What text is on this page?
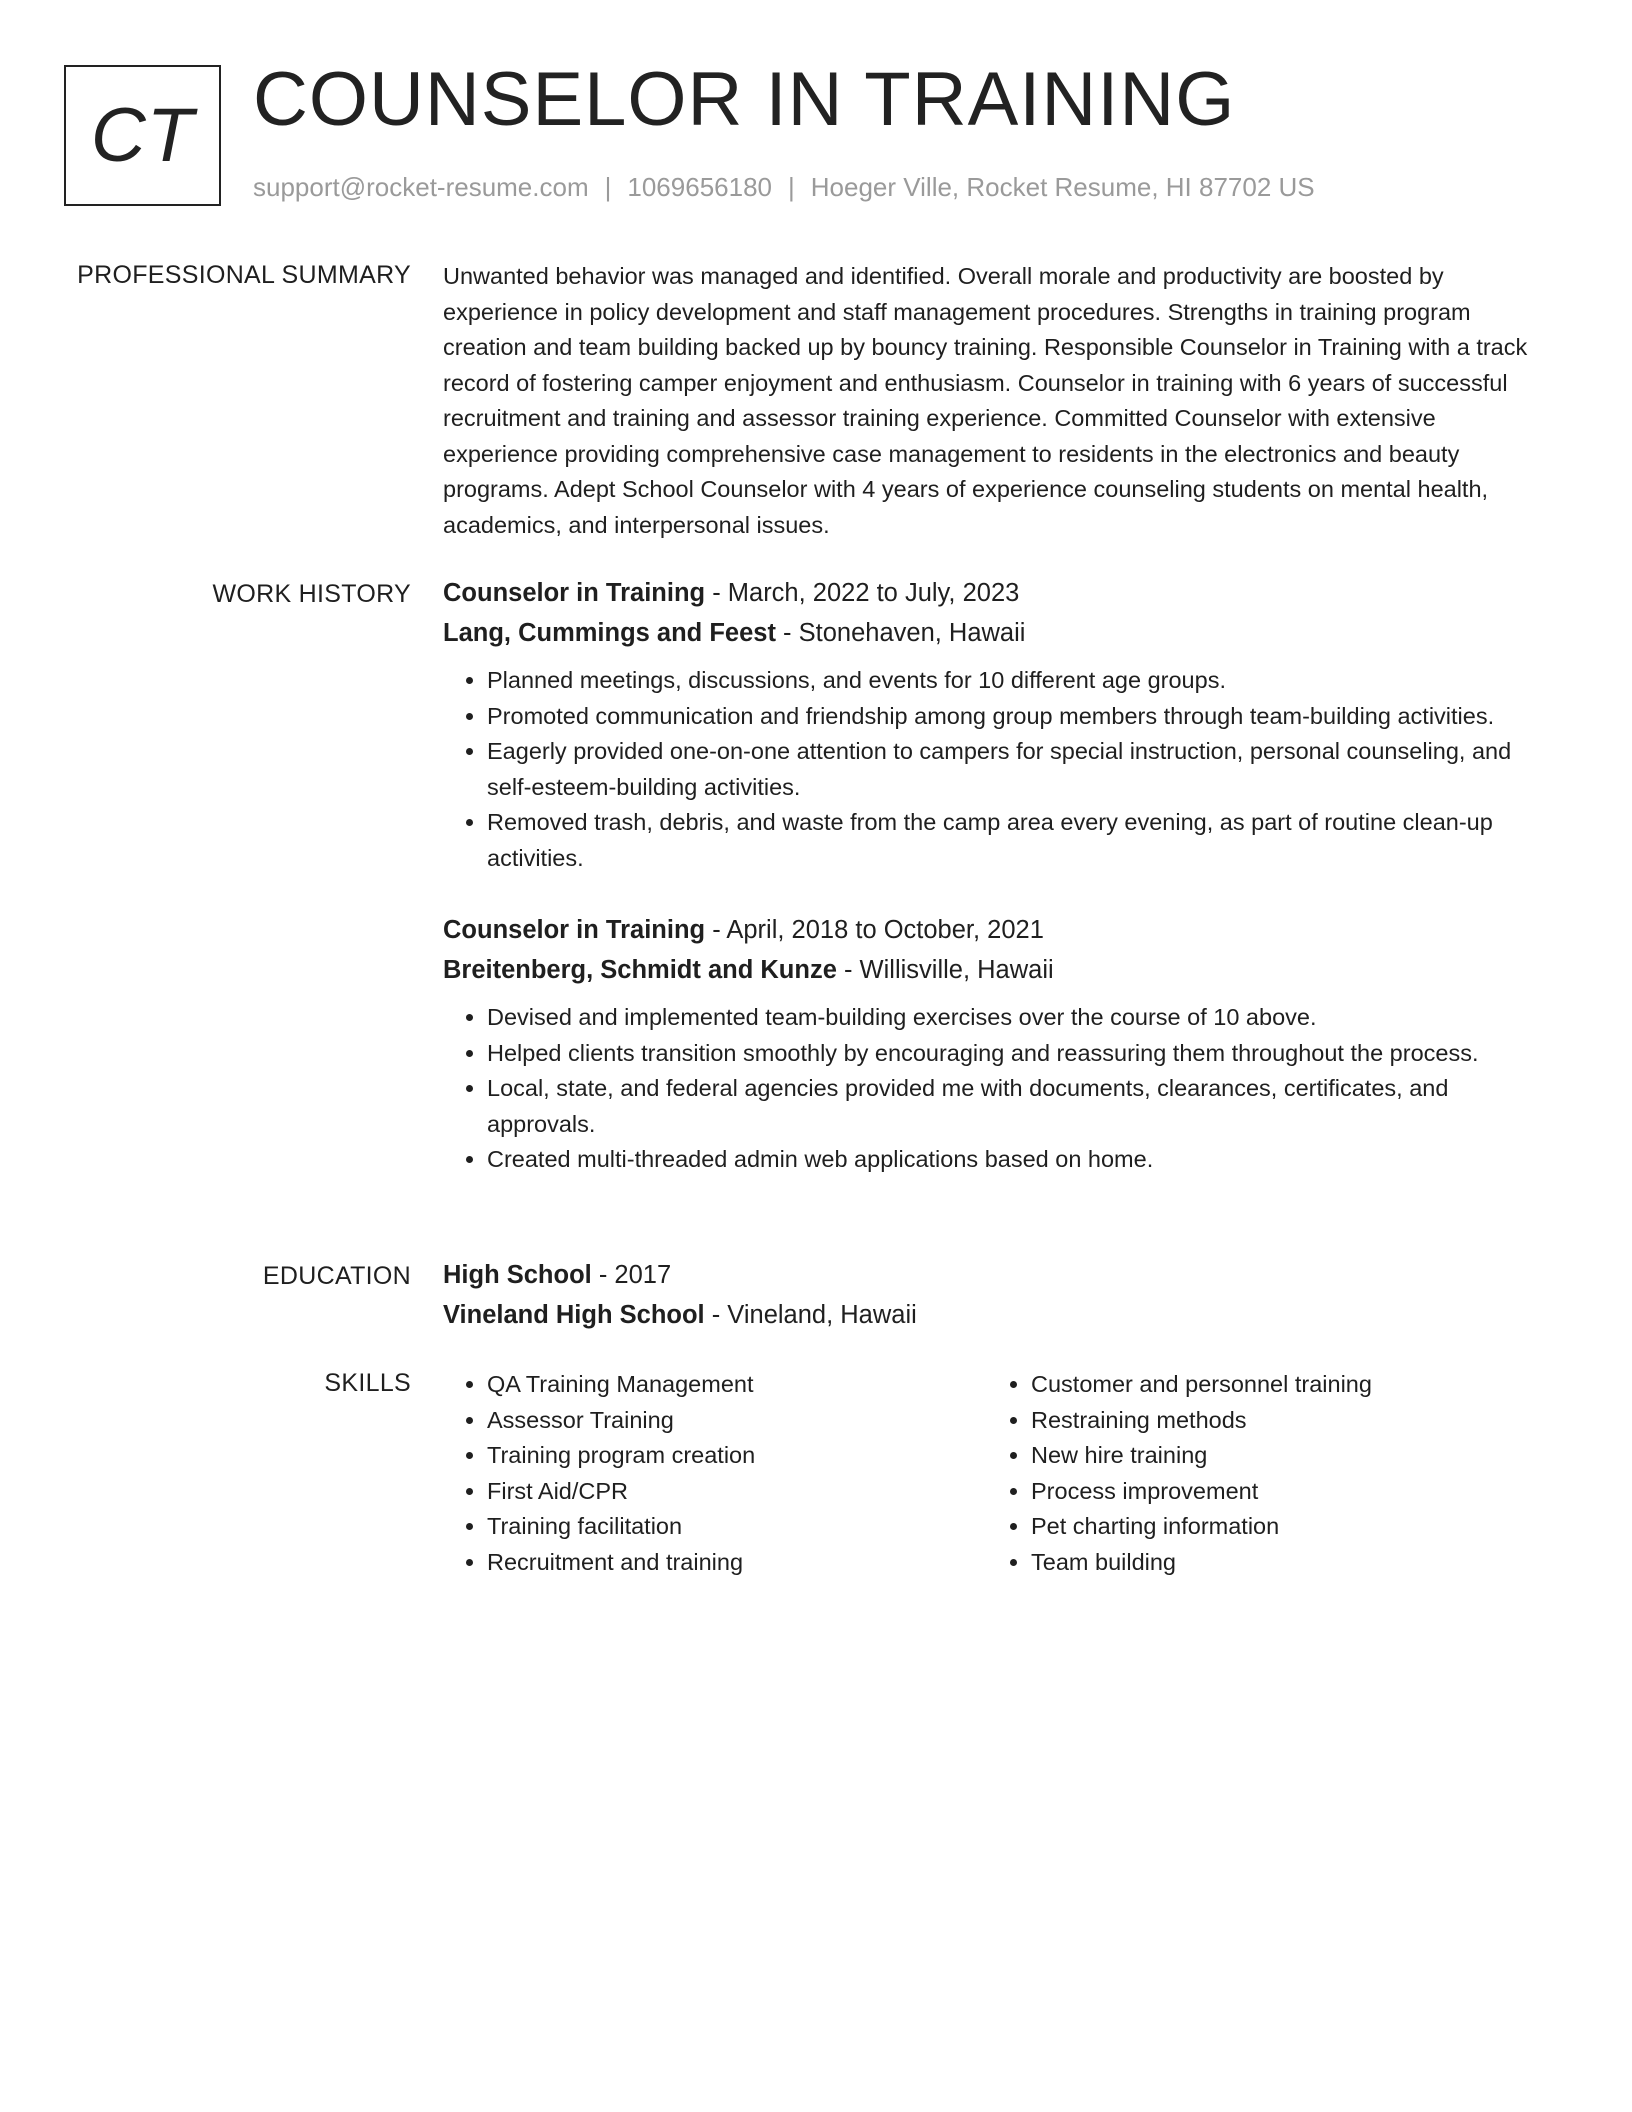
CT COUNSELOR IN TRAINING
support@rocket-resume.com | 1069656180 | Hoeger Ville, Rocket Resume, HI 87702 US
PROFESSIONAL SUMMARY Unwanted behavior was managed and identified. Overall morale and productivity are boosted by experience in policy development and staff management procedures. Strengths in training program creation and team building backed up by bouncy training. Responsible Counselor in Training with a track record of fostering camper enjoyment and enthusiasm. Counselor in training with 6 years of successful recruitment and training and assessor training experience. Committed Counselor with extensive experience providing comprehensive case management to residents in the electronics and beauty programs. Adept School Counselor with 4 years of experience counseling students on mental health, academics, and interpersonal issues.

WORK HISTORY Counselor in Training - March, 2022 to July, 2023
Lang, Cummings and Feest - Stonehaven, Hawaii
• Planned meetings, discussions, and events for 10 different age groups.
• Promoted communication and friendship among group members through team-building activities.
• Eagerly provided one-on-one attention to campers for special instruction, personal counseling, and self-esteem-building activities.
• Removed trash, debris, and waste from the camp area every evening, as part of routine clean-up activities.
Counselor in Training - April, 2018 to October, 2021
Breitenberg, Schmidt and Kunze - Willisville, Hawaii
• Devised and implemented team-building exercises over the course of 10 above.
• Helped clients transition smoothly by encouraging and reassuring them throughout the process.
• Local, state, and federal agencies provided me with documents, clearances, certificates, and approvals.
• Created multi-threaded admin web applications based on home.
EDUCATION High School - 2017
Vineland High School - Vineland, Hawaii
SKILLS
•	QA Training Management
• Assessor Training
• Training program creation
• First Aid/CPR
• Training facilitation
• Recruitment and training
• Customer and personnel training
• Restraining methods
• New hire training
• Process improvement
• Pet charting information
• Team building
